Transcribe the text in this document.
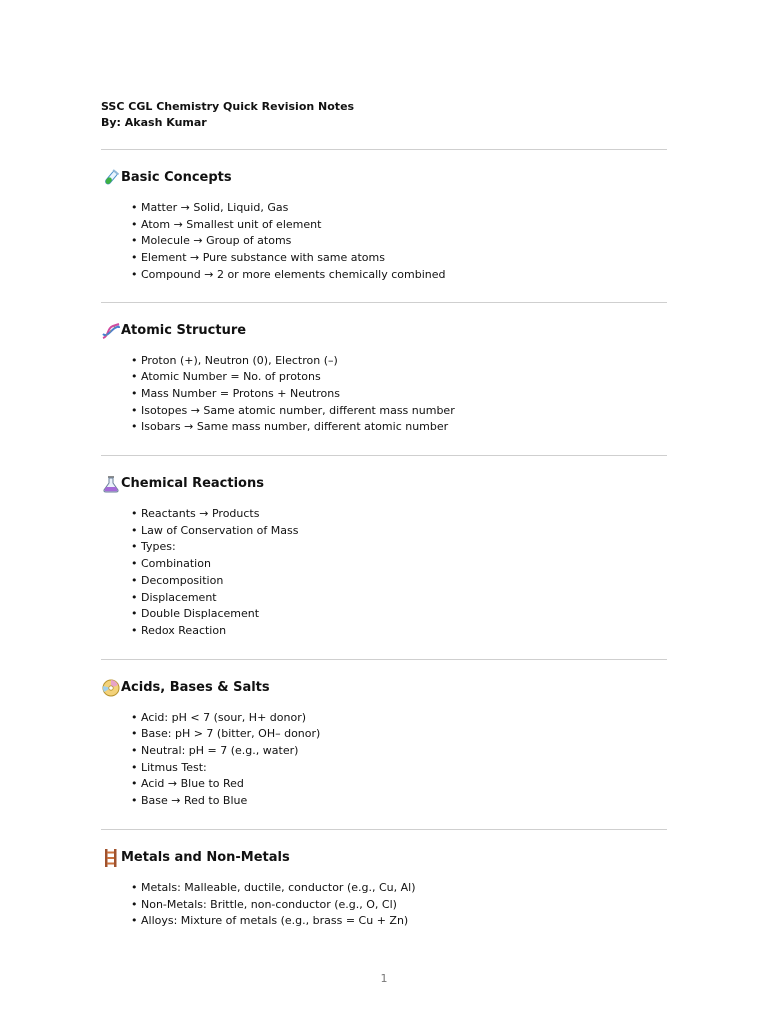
SSC CGL Chemistry Quick Revision Notes

By: Akash Kumar

Basic Concepts
• Matter → Solid, Liquid, Gas
• Atom → Smallest unit of element
• Molecule → Group of atoms
• Element → Pure substance with same atoms
• Compound → 2 or more elements chemically combined
Atomic Structure
• Proton (+), Neutron (0), Electron (–)
• Atomic Number = No. of protons
• Mass Number = Protons + Neutrons
• Isotopes → Same atomic number, different mass number
• Isobars → Same mass number, different atomic number
Chemical Reactions
• Reactants → Products
• Law of Conservation of Mass
• Types:
• Combination
• Decomposition
• Displacement
• Double Displacement
• Redox Reaction
Acids, Bases & Salts
• Acid: pH < 7 (sour, H+ donor)
• Base: pH > 7 (bitter, OH– donor)
• Neutral: pH = 7 (e.g., water)
• Litmus Test:
• Acid → Blue to Red
• Base → Red to Blue
Metals and Non-Metals
• Metals: Malleable, ductile, conductor (e.g., Cu, Al)
• Non-Metals: Brittle, non-conductor (e.g., O, Cl)
• Alloys: Mixture of metals (e.g., brass = Cu + Zn)
1
